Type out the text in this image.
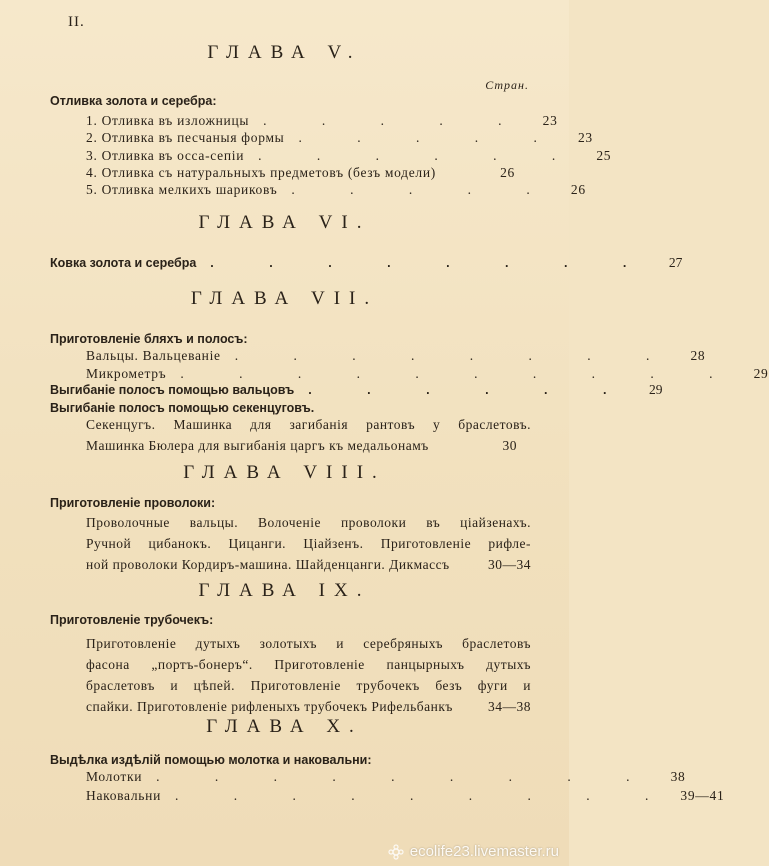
II.
ГЛАВА V.
Стран.
Отливка золота и серебра:
1. Отливка въ изложницы	. . . . .	23
2. Отливка въ песчаныя формы	. . . . .	23
3. Отливка въ осса-сепiи	. . . . . .	25
4. Отливка съ натуральныхъ предметовъ (безъ модели)	26
5. Отливка мелкихъ шариковъ	. . . . .	26
ГЛАВА VI.
Ковка золота и серебра	. . . . . . . .	27
ГЛАВА VII.
Приготовленiе бляхъ и полосъ:
Вальцы. Вальцеванiе	. . . . . . . .	28
Микрометръ	. . . . . . . . . .	29
Выгибанiе полосъ помощью вальцовъ	. . . . . .	29
Выгибанiе полосъ помощью секенцуговъ.
Секенцугъ. Машинка для загибанiя рантовъ у браслетовъ.
Машинка Бюлера для выгибанiя царгъ къ медальонамъ	30
ГЛАВА VIII.
Приготовленiе проволоки:
Проволочные вальцы. Волоченiе проволоки въ цiайзенахъ.
Ручной цибанокъ. Цицанги. Цiайзенъ. Приготовленiе рифле-
ной проволоки Кордиръ-машина. Шайденцанги. Дикмассъ	30—34
ГЛАВА IX.
Приготовленiе трубочекъ:
Приготовленiе дутыхъ золотыхъ и серебряныхъ браслетовъ
фасона „портъ-бонеръ“. Приготовленiе панцырныхъ дутыхъ
браслетовъ и цѣпей. Приготовленiе трубочекъ безъ фуги и
спайки. Приготовленiе рифленыхъ трубочекъ Рифельбанкъ	34—38
ГЛАВА X.
Выдѣлка издѣлiй помощью молотка и наковальни:
Молотки	. . . . . . . . .	38
Наковальни	. . . . . . . . . 39—41
ecolife23.livemaster.ru
